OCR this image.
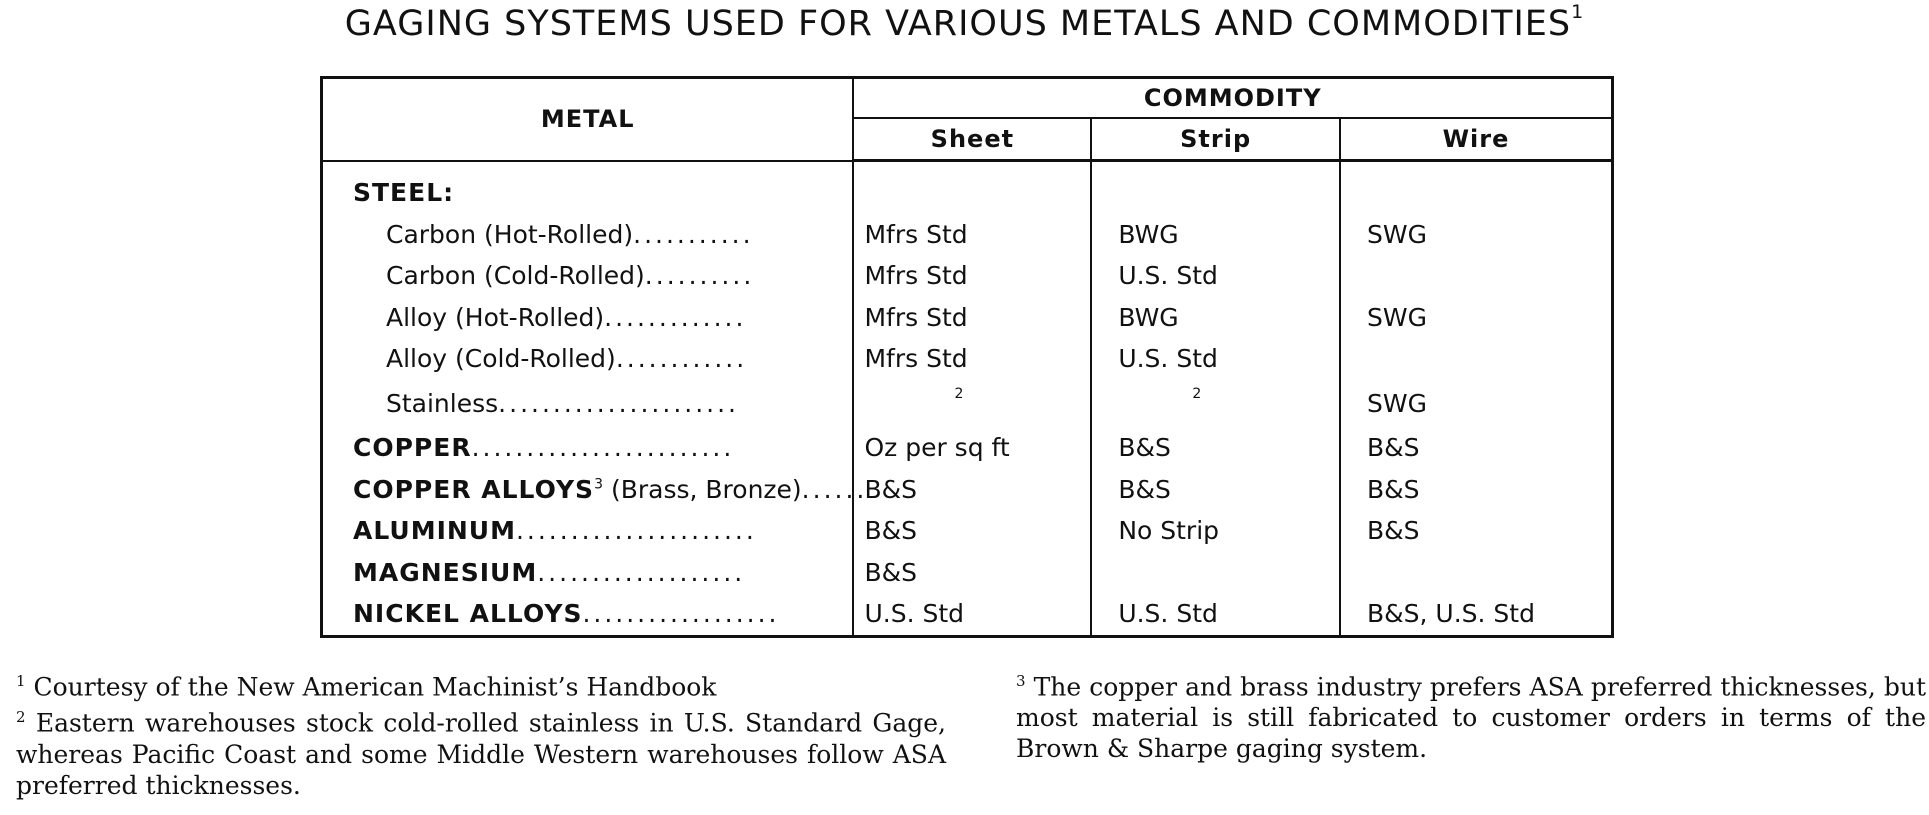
GAGING SYSTEMS USED FOR VARIOUS METALS AND COMMODITIES$^1$
METAL	COMMODITY		
	Sheet	Strip	Wire
STEEL:			
Carbon (Hot-Rolled)...........	Mfrs Std	BWG	SWG
Carbon (Cold-Rolled)..........	Mfrs Std	U.S. Std	
Alloy (Hot-Rolled).............	Mfrs Std	BWG	SWG
Alloy (Cold-Rolled)............	Mfrs Std	U.S. Std	
Stainless......................	2	2	SWG
COPPER........................	Oz per sq ft	B&S	B&S
COPPER ALLOYS$^3$ (Brass, Bronze)......	B&S	B&S	B&S
ALUMINUM......................	B&S	No Strip	B&S
MAGNESIUM...................	B&S		
NICKEL ALLOYS..................	U.S. Std	U.S. Std	B&S, U.S. Std

$^1$ Courtesy of the New American Machinist’s Handbook

$^2$ Eastern warehouses stock cold-rolled stainless in U.S. Standard Gage, whereas Pacific Coast and some Middle Western warehouses follow ASA preferred thicknesses.

$^3$ The copper and brass industry prefers ASA preferred thicknesses, but most material is still fabricated to customer orders in terms of the Brown & Sharpe gaging system.
